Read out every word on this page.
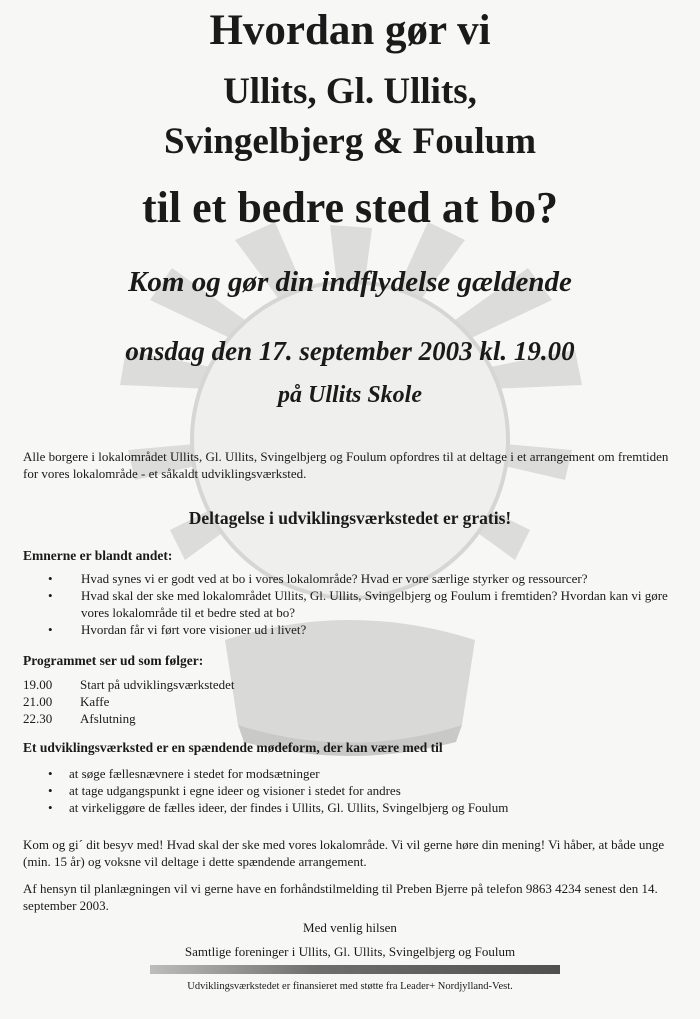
Hvordan gør vi
Ullits, Gl. Ullits,
Svingelbjerg & Foulum
til et bedre sted at bo?
Kom og gør din indflydelse gældende
onsdag den 17. september 2003 kl. 19.00
på Ullits Skole
Alle borgere i lokalområdet Ullits, Gl. Ullits, Svingelbjerg og Foulum opfordres til at deltage i et arrangement om fremtiden for vores lokalområde - et såkaldt udviklingsværksted.
Deltagelse i udviklingsværkstedet er gratis!
Emnerne er blandt andet:
• Hvad synes vi er godt ved at bo i vores lokalområde? Hvad er vore særlige styrker og ressourcer?
• Hvad skal der ske med lokalområdet Ullits, Gl. Ullits, Svingelbjerg og Foulum i fremtiden? Hvordan kan vi gøre vores lokalområde til et bedre sted at bo?
• Hvordan får vi ført vore visioner ud i livet?
Programmet ser ud som følger:
19.00 Start på udviklingsværkstedet
21.00 Kaffe
22.30 Afslutning
Et udviklingsværksted er en spændende mødeform, der kan være med til
• at søge fællesnævnere i stedet for modsætninger
• at tage udgangspunkt i egne ideer og visioner i stedet for andres
• at virkeliggøre de fælles ideer, der findes i Ullits, Gl. Ullits, Svingelbjerg og Foulum
Kom og gi´ dit besyv med! Hvad skal der ske med vores lokalområde. Vi vil gerne høre din mening! Vi håber, at både unge (min. 15 år) og voksne vil deltage i dette spændende arrangement.
Af hensyn til planlægningen vil vi gerne have en forhåndstilmelding til Preben Bjerre på telefon 9863 4234 senest den 14. september 2003.
Med venlig hilsen
Samtlige foreninger i Ullits, Gl. Ullits, Svingelbjerg og Foulum
Udviklingsværkstedet er finansieret med støtte fra Leader+ Nordjylland-Vest.
